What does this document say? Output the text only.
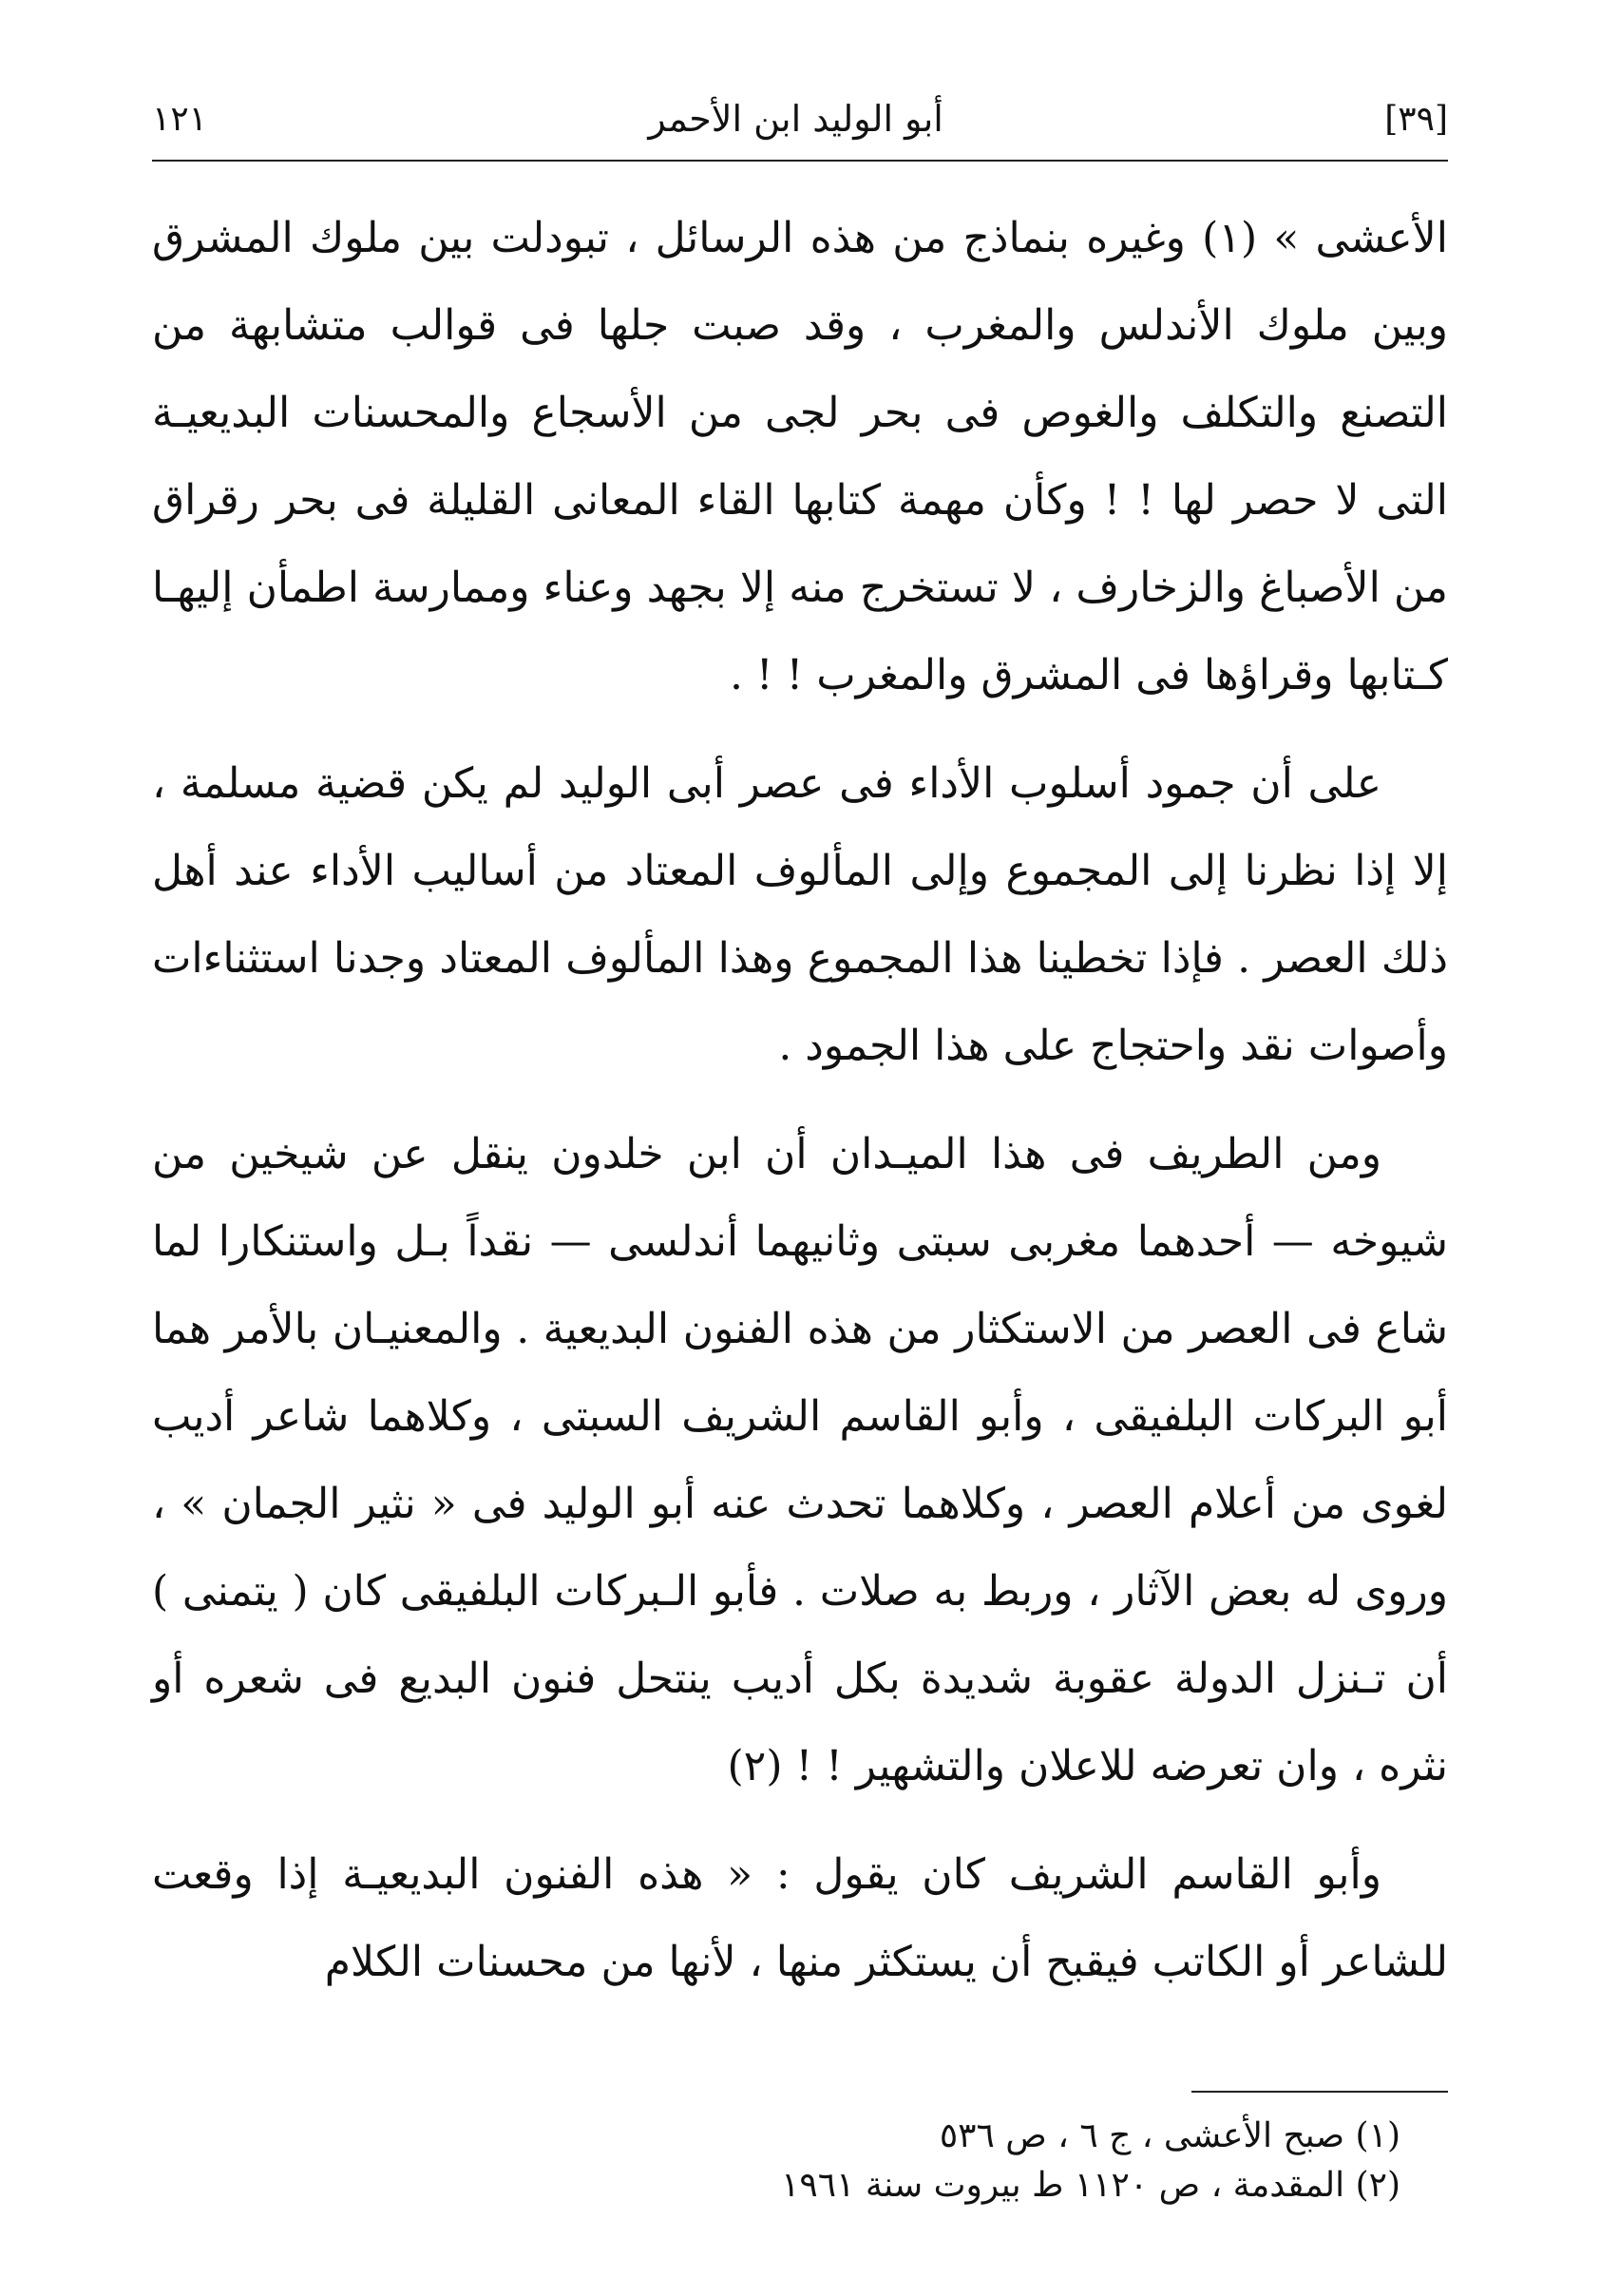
١٢١	أبو الوليد ابن الأحمر	[٣٩]

الأعشى » (١) وغيره بنماذج من هذه الرسائل ، تبودلت بين ملوك المشرق وبين ملوك الأندلس والمغرب ، وقد صبت جلها فى قوالب متشابهة من التصنع والتكلف والغوص فى بحر لجى من الأسجاع والمحسنات البديعيـة التى لا حصر لها ! ! وكأن مهمة كتابها القاء المعانى القليلة فى بحر رقراق من الأصباغ والزخارف ، لا تستخرج منه إلا بجهد وعناء وممارسة اطمأن إليهـا كـتابها وقراؤها فى المشرق والمغرب ! ! .

على أن جمود أسلوب الأداء فى عصر أبى الوليد لم يكن قضية مسلمة ، إلا إذا نظرنا إلى المجموع وإلى المألوف المعتاد من أساليب الأداء عند أهل ذلك العصر . فإذا تخطينا هذا المجموع وهذا المألوف المعتاد وجدنا استثناءات وأصوات نقد واحتجاج على هذا الجمود .

ومن الطريف فى هذا الميـدان أن ابن خلدون ينقل عن شيخين من شيوخه — أحدهما مغربى سبتى وثانيهما أندلسى — نقداً بـل واستنكارا لما شاع فى العصر من الاستكثار من هذه الفنون البديعية . والمعنيـان بالأمر هما أبو البركات البلفيقى ، وأبو القاسم الشريف السبتى ، وكلاهما شاعر أديب لغوى من أعلام العصر ، وكلاهما تحدث عنه أبو الوليد فى « نثير الجمان » ، وروى له بعض الآثار ، وربط به صلات . فأبو الـبركات البلفيقى كان ( يتمنى ) أن تـنزل الدولة عقوبة شديدة بكل أديب ينتحل فنون البديع فى شعره أو نثره ، وان تعرضه للاعلان والتشهير ! ! (٢)

وأبو القاسم الشريف كان يقول : « هذه الفنون البديعيـة إذا وقعت للشاعر أو الكاتب فيقبح أن يستكثر منها ، لأنها من محسنات الكلام

(١) صبح الأعشى ، ج ٦ ، ص ٥٣٦
(٢) المقدمة ، ص ١١٢٠ ط بيروت سنة ١٩٦١
